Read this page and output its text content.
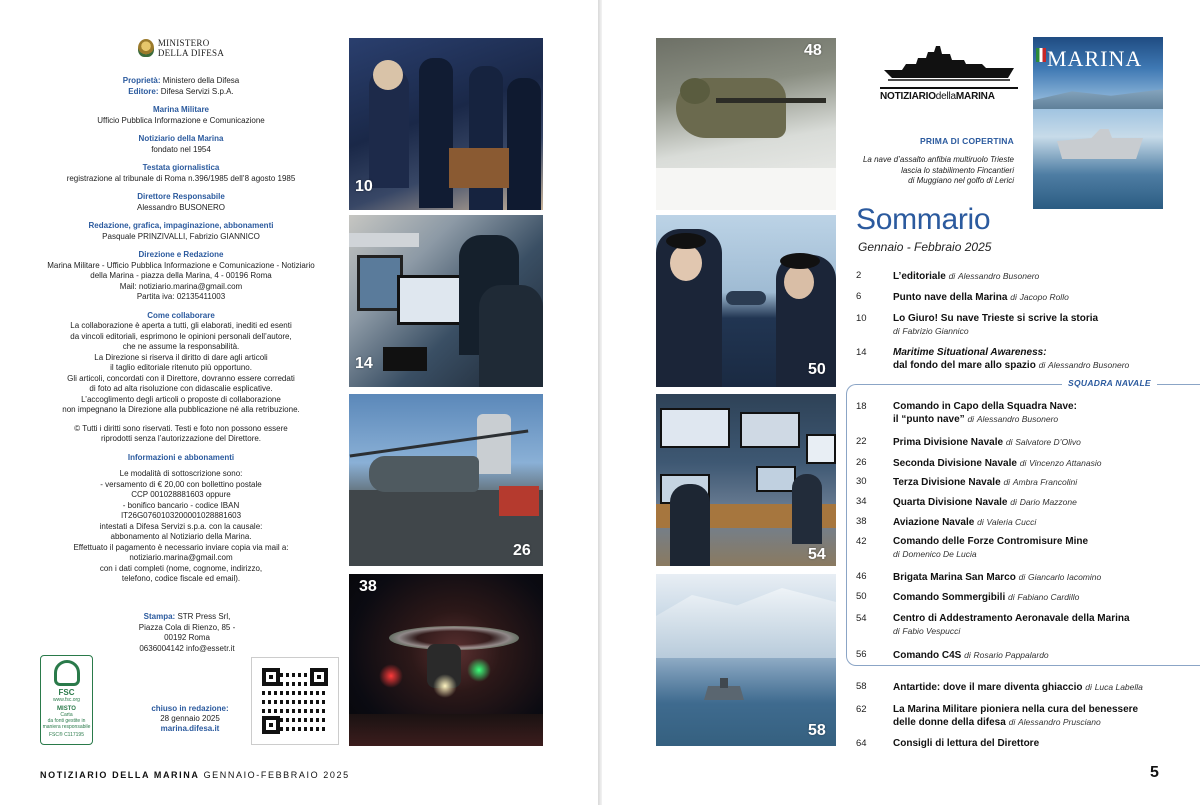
MINISTERO
DELLA DIFESA
Proprietà: Ministero della Difesa
Editore: Difesa Servizi S.p.A.
Marina Militare
Ufficio Pubblica Informazione e Comunicazione
Notiziario della Marina
fondato nel 1954
Testata giornalistica
registrazione al tribunale di Roma n.396/1985 dell’8 agosto 1985
Direttore Responsabile
Alessandro BUSONERO
Redazione, grafica, impaginazione, abbonamenti
Pasquale PRINZIVALLI, Fabrizio GIANNICO
Direzione e Redazione
Marina Militare - Ufficio Pubblica Informazione e Comunicazione - Notiziario
della Marina - piazza della Marina, 4 - 00196 Roma
Mail: notiziario.marina@gmail.com
Partita iva: 02135411003
Come collaborare
La collaborazione è aperta a tutti, gli elaborati, inediti ed esenti
da vincoli editoriali, esprimono le opinioni personali dell’autore,
che ne assume la responsabilità.
La Direzione si riserva il diritto di dare agli articoli
il taglio editoriale ritenuto più opportuno.
Gli articoli, concordati con il Direttore, dovranno essere corredati
di foto ad alta risoluzione con didascalie esplicative.
L’accoglimento degli articoli o proposte di collaborazione
non impegnano la Direzione alla pubblicazione né alla retribuzione.
© Tutti i diritti sono riservati. Testi e foto non possono essere
riprodotti senza l’autorizzazione del Direttore.
Informazioni e abbonamenti
Le modalità di sottoscrizione sono:
- versamento di € 20,00 con bollettino postale
CCP 001028881603 oppure
- bonifico bancario - codice IBAN
IT26G0760103200001028881603
intestati a Difesa Servizi s.p.a. con la causale:
abbonamento al Notiziario della Marina.
Effettuato il pagamento è necessario inviare copia via mail a:
notiziario.marina@gmail.com
con i dati completi (nome, cognome, indirizzo,
telefono, codice fiscale ed email).
Stampa: STR Press Srl,
Piazza Cola di Rienzo, 85 -
00192 Roma
0636004142 info@essetr.it
chiuso in redazione:
28 gennaio 2025
marina.difesa.it
FSC
www.fsc.org
MISTO
Carta
da fonti gestite in
maniera responsabile
FSC® C117195
NOTIZIARIO DELLA MARINA GENNAIO-FEBBRAIO 2025
10
14
26
38
48
50
54
58
NOTIZIARIOdellaMARINA
MARINA
PRIMA DI COPERTINA
La nave d’assalto anfibia multiruolo Trieste
lascia lo stabilimento Fincantieri
di Muggiano nel golfo di Lerici
Sommario
Gennaio - Febbraio 2025
SQUADRA NAVALE
2	L’editoriale di Alessandro Busonero
6	Punto nave della Marina di Jacopo Rollo
10	Lo Giuro! Su nave Trieste si scrive la storia
di Fabrizio Giannico
14	Maritime Situational Awareness:
dal fondo del mare allo spazio di Alessandro Busonero
18	Comando in Capo della Squadra Nave:
il “punto nave” di Alessandro Busonero
22	Prima Divisione Navale di Salvatore D’Olivo
26	Seconda Divisione Navale di Vincenzo Attanasio
30	Terza Divisione Navale di Ambra Francolini
34	Quarta Divisione Navale di Dario Mazzone
38	Aviazione Navale di Valeria Cucci
42	Comando delle Forze Contromisure Mine
di Domenico De Lucia
46	Brigata Marina San Marco di Giancarlo Iacomino
50	Comando Sommergibili di Fabiano Cardillo
54	Centro di Addestramento Aeronavale della Marina
di Fabio Vespucci
56	Comando C4S di Rosario Pappalardo
58	Antartide: dove il mare diventa ghiaccio di Luca Labella
62	La Marina Militare pioniera nella cura del benessere
delle donne della difesa di Alessandro Prusciano
64	Consigli di lettura del Direttore
5
